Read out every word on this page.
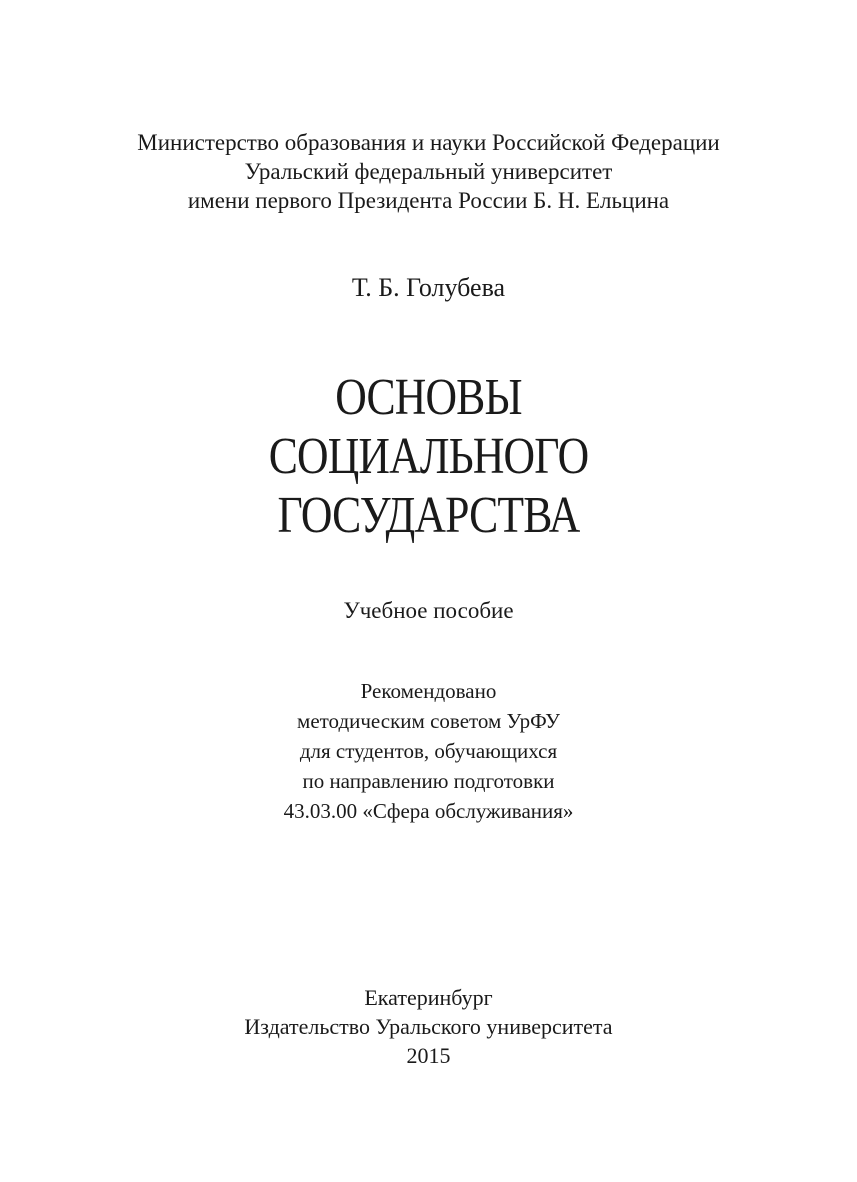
Министерство образования и науки Российской Федерации
Уральский федеральный университет
имени первого Президента России Б. Н. Ельцина
Т. Б. Голубева
ОСНОВЫ
СОЦИАЛЬНОГО
ГОСУДАРСТВА
Учебное пособие
Рекомендовано
методическим советом УрФУ
для студентов, обучающихся
по направлению подготовки
43.03.00 «Сфера обслуживания»
Екатеринбург
Издательство Уральского университета
2015
